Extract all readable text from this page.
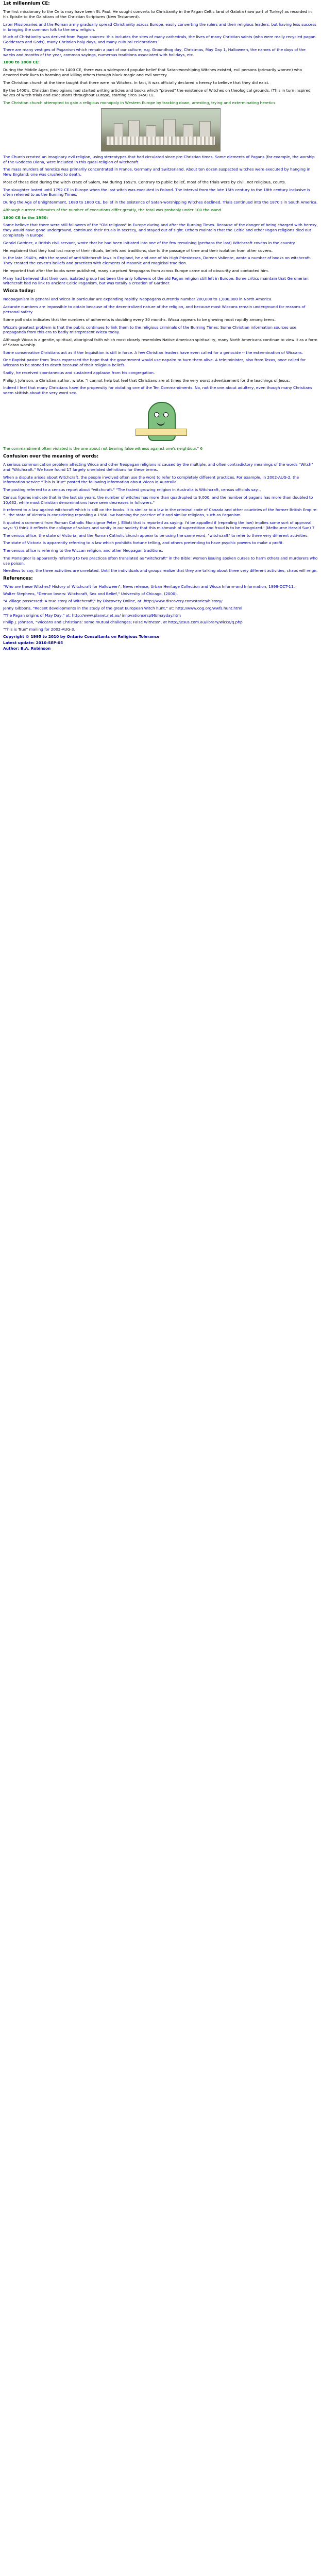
1st millennium CE:
The first missionary to the Celts may have been St. Paul. He sought converts to Christianity in the Pagan Celtic land of Galatia (now part of Turkey) as recorded in his Epistle to the Galatians of the Christian Scriptures (New Testament).
Later Missionaries and the Roman army gradually spread Christianity across Europe, easily converting the rulers and their religious leaders, but having less success in bringing the common folk to the new religion.
Much of Christianity was derived from Pagan sources: this includes the sites of many cathedrals, the lives of many Christian saints (who were really recycled pagan Goddesses and Gods), many Christian holy days, and many cultural celebrations.
There are many vestiges of Paganism which remain a part of our culture; e.g. Groundhog day, Christmas, May Day 1, Halloween, the names of the days of the weeks and months of the year, common sayings, numerous traditions associated with holidays, etc.
1000 to 1800 CE:
During the Middle Ages, prior to 1400 CE, there was a widespread popular belief that Satan-worshiping Witches existed, evil persons (primarily women) who devoted their lives to harming and killing others through black magic and evil sorcery.
The Christian church at the time taught that there were no Witches. In fact, it was officially declared a heresy to believe that they did exist.
By the 1400's, Christian theologians had started writing articles and books which "proved" the existence of Witches on theological grounds. (This in turn inspired waves of witch trials and executions throughout Europe, starting circa 1450 CE.
The Christian church attempted to gain a religious monopoly in Western Europe by tracking down, arresting, trying and exterminating heretics.
The Church created an imaginary evil religion, using stereotypes that had circulated since pre-Christian times. Some elements of Pagans (for example, the worship of the Goddess Diana, were included in this quasi-religion of witchcraft.
The mass murders of heretics was primarily concentrated in France, Germany and Switzerland. About ten dozen suspected witches were executed by hanging in New England; one was crushed to death.
Most of these died during the witch craze of Salem, MA during 1692's. Contrary to public belief, most of the trials were by civil, not religious, courts.
The slaughter lasted until 1792 CE in Europe when the last witch was executed in Poland. The interval from the late 15th century to the 18th century inclusive is often referred to as the Burning Times.
During the Age of Enlightenment, 1680 to 1800 CE, belief in the existence of Satan-worshipping Witches declined. Trials continued into the 1870's in South America.
Although current estimates of the number of executions differ greatly, the total was probably under 100 thousand.
1800 CE to the 1950:
Some believe that there were still followers of the "Old religions" in Europe during and after the Burning Times. Because of the danger of being charged with heresy, they would have gone underground, continued their rituals in secrecy, and stayed out of sight. Others maintain that the Celtic and other Pagan religions died out completely in Europe.
Gerald Gardner, a British civil servant, wrote that he had been initiated into one of the few remaining (perhaps the last) Witchcraft covens in the country.
He explained that they had lost many of their rituals, beliefs and traditions, due to the passage of time and their isolation from other covens.
In the late 1940's, with the repeal of anti-Witchcraft laws in England, he and one of his High Priestesses, Doreen Valiente, wrote a number of books on witchcraft. They created the coven's beliefs and practices with elements of Masonic and magickal tradition.
He reported that after the books were published, many surprised Neopagans from across Europe came out of obscurity and contacted him.
Many had believed that their own, isolated group had been the only followers of the old Pagan religion still left in Europe. Some critics maintain that Gerdnerian Witchcraft had no link to ancient Celtic Paganism, but was totally a creation of Gardner.
Wicca today:
Neopaganism in general and Wicca in particular are expanding rapidly. Neopagans currently number 200,000 to 1,000,000 in North America.
Accurate numbers are impossible to obtain because of the decentralized nature of the religion, and because most Wiccans remain underground for reasons of personal safety.
Some poll data indicates that the numbers of adherents is doubling every 30 months. Wicca appears to be growing most rapidly among teens.
Wicca's greatest problem is that the public continues to link them to the religious criminals of the Burning Times: Some Christian information sources use propaganda from this era to badly misrepresent Wicca today.
Although Wicca is a gentle, spiritual, aboriginal faith which most closely resembles Native American spirituality, many North Americans continue to view it as a form of Satan worship.
Some conservative Christians act as if the Inquisition is still in force. A few Christian leaders have even called for a genocide -- the extermination of Wiccans.
One Baptist pastor from Texas expressed the hope that the government would use napalm to burn them alive. A tele-minister, also from Texas, once called for Wiccans to be stoned to death because of their religious beliefs.
Sadly, he received spontaneous and sustained applause from his congregation.
Philip J. Johnson, a Christian author, wrote: "I cannot help but feel that Christians are at times the very worst advertisement for the teachings of Jesus.
Indeed I feel that many Christians have the propensity for violating one of the Ten Commandments. No, not the one about adultery, even though many Christians seem skittish about the very word sex.
The commandment often violated is the one about not bearing false witness against one's neighbour." 6
Confusion over the meaning of words:
A serious communication problem affecting Wicca and other Neopagan religions is caused by the multiple, and often contradictory meanings of the words "Witch" and "Witchcraft." We have found 17 largely unrelated definitions for these terms.
When a dispute arises about Witchcraft, the people involved often use the word to refer to completely different practices. For example, in 2002-AUG-2, the information service "This is True" posted the following information about Wicca in Australia.
The posting referred to a census report about "witchcraft." "The fastest growing religion in Australia is Witchcraft, census officials say...
Census figures indicate that in the last six years, the number of witches has more than quadrupled to 9,000, and the number of pagans has more than doubled to 10,632, while most Christian denominations have seen decreases in followers."
It referred to a law against witchcraft which is still on the books. It is similar to a law in the criminal code of Canada and other countries of the former British Empire: "...the state of Victoria is considering repealing a 1966 law banning the practice of it and similar religions, such as Paganism.
It quoted a comment from Roman Catholic Monsignor Peter J. Elliott that is reported as saying: I'd be appalled if (repealing the law) implies some sort of approval,' says: '(I think it reflects the collapse of values and sanity in our society that this mishmash of superstition and fraud is to be recognized.' (Melbourne Herald Sun) 7
The census office, the state of Victoria, and the Roman Catholic church appear to be using the same word, "witchcraft" to refer to three very different activities:
The state of Victoria is apparently referring to a law which prohibits fortune telling, and others pretending to have psychic powers to make a profit.
The census office is referring to the Wiccan religion, and other Neopagan traditions.
The Monsignor is apparently referring to two practices often translated as "witchcraft" in the Bible: women issuing spoken curses to harm others and murderers who use poison.
Needless to say, the three activities are unrelated. Until the individuals and groups realize that they are talking about three very different activities, chaos will reign.
References:
"Who are these Witches? History of Witchcraft for Halloween", News release, Urban Heritage Collection and Wicca Inform-and Information, 1999-OCT-11.
Walter Stephens, "Demon lovers: Witchcraft, Sex and Belief," University of Chicago, (2000).
"A village possessed: A true story of Witchcraft," by Discovery Online, at: http://www.discovery.com/stories/history/
Jenny Gibbons, "Recent developments in the study of the great European Witch hunt," at: http://www.cog.org/wwfs.hunt.html
"The Pagan origins of May Day," at: http://www.planet.net.au/ innovations/rsp96/mayday.htm
Philip J. Johnson, "Wiccans and Christians: some mutual challenges; False Witness", at http://jesus.com.au/library/wicca/q.php
"This is True" mailing for 2002-AUG-3.
Copyright © 1995 to 2010 by Ontario Consultants on Religious Tolerance
Latest update: 2010-SEP-05
Author: B.A. Robinson
